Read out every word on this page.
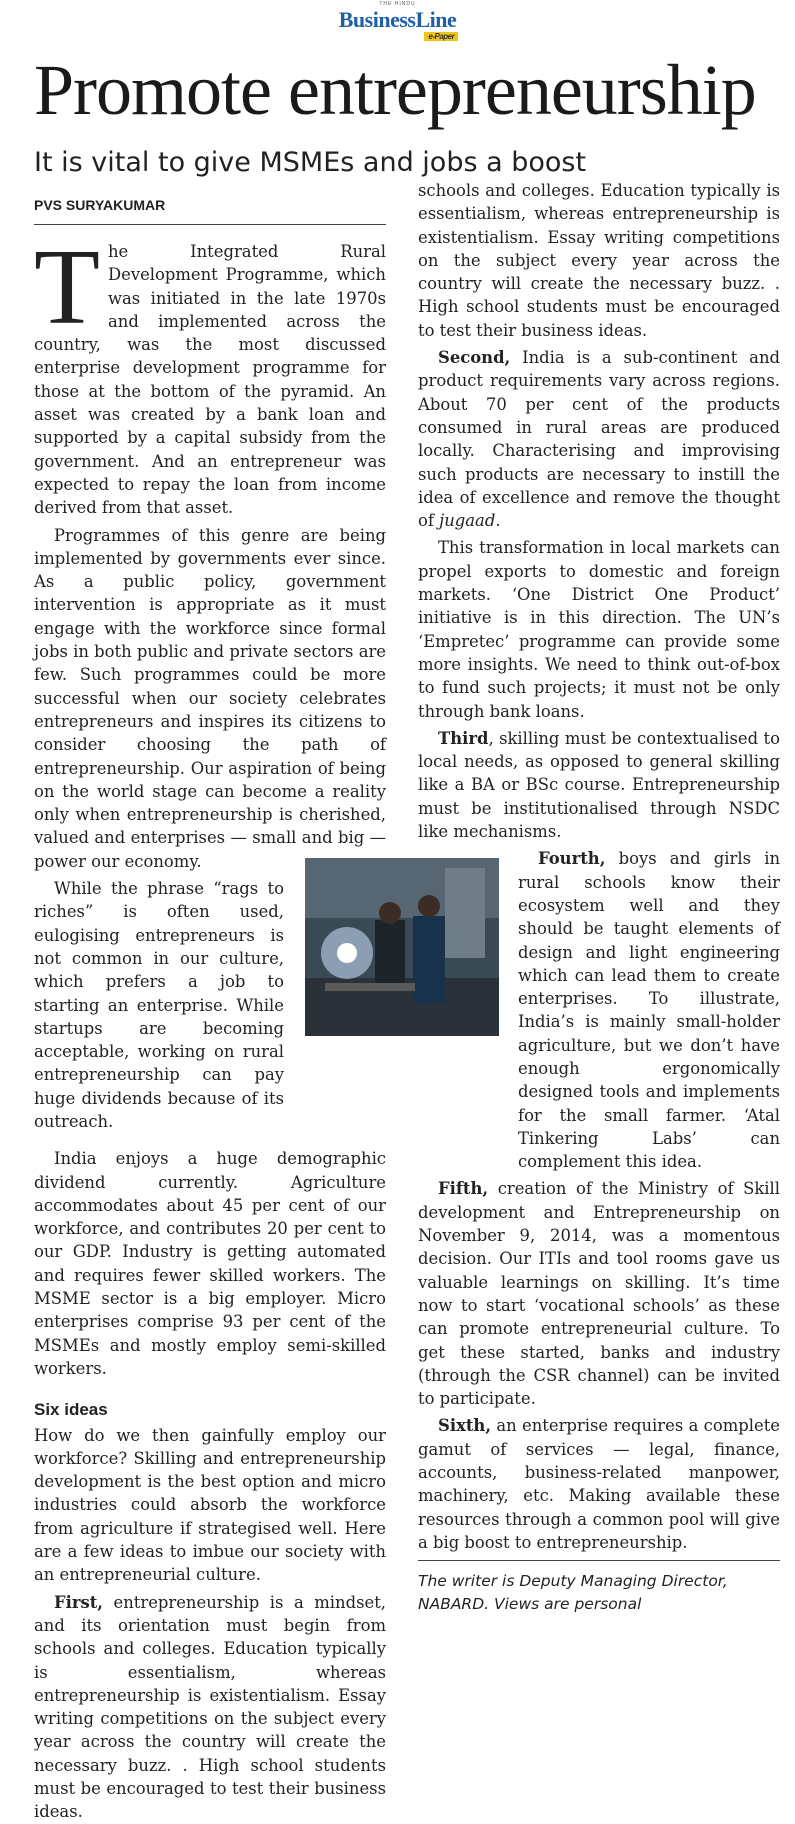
THE HINDU
BusinessLine
e-Paper
Promote entrepreneurship
It is vital to give MSMEs and jobs a boost
PVS SURYAKUMAR

The Integrated Rural Development Programme, which was initiated in the late 1970s and implemented across the country, was the most discussed enterprise development programme for those at the bottom of the pyramid. An asset was created by a bank loan and supported by a capital subsidy from the government. And an entrepreneur was expected to repay the loan from income derived from that asset.

Programmes of this genre are being implemented by governments ever since. As a public policy, government intervention is appropriate as it must engage with the workforce since formal jobs in both public and private sectors are few. Such programmes could be more successful when our society celebrates entrepreneurs and inspires its citizens to consider choosing the path of entrepreneurship. Our aspiration of being on the world stage can become a reality only when entrepreneurship is cherished, valued and enterprises — small and big — power our economy.

While the phrase “rags to riches” is often used, eulogising entrepreneurs is not common in our culture, which prefers a job to starting an enterprise. While startups are becoming acceptable, working on rural entrepreneurship can pay huge dividends because of its outreach.

India enjoys a huge demographic dividend currently. Agriculture accommodates about 45 per cent of our workforce, and contributes 20 per cent to our GDP. Industry is getting automated and requires fewer skilled workers. The MSME sector is a big employer. Micro enterprises comprise 93 per cent of the MSMEs and mostly employ semi-skilled workers.

Six ideas

How do we then gainfully employ our workforce? Skilling and entrepreneurship development is the best option and micro industries could absorb the workforce from agriculture if strategised well. Here are a few ideas to imbue our society with an entrepreneurial culture.

First, entrepreneurship is a mindset, and its orientation must begin from schools and colleges. Education typically is essentialism, whereas entrepreneurship is existentialism. Essay writing competitions on the subject every year across the country will create the necessary buzz. . High school students must be encouraged to test their business ideas.

schools and colleges. Education typically is essentialism, whereas entrepreneurship is existentialism. Essay writing competitions on the subject every year across the country will create the necessary buzz. . High school students must be encouraged to test their business ideas.

Second, India is a sub-continent and product requirements vary across regions. About 70 per cent of the products consumed in rural areas are produced locally. Characterising and improvising such products are necessary to instill the idea of excellence and remove the thought of jugaad.

This transformation in local markets can propel exports to domestic and foreign markets. ‘One District One Product’ initiative is in this direction. The UN’s ‘Empretec’ programme can provide some more insights. We need to think out-of-box to fund such projects; it must not be only through bank loans.

Third, skilling must be contextualised to local needs, as opposed to general skilling like a BA or BSc course. Entrepreneurship must be institutionalised through NSDC like mechanisms.

Fourth, boys and girls in rural schools know their ecosystem well and they should be taught elements of design and light engineering which can lead them to create enterprises. To illustrate, India’s is mainly small-holder agriculture, but we don’t have enough ergonomically designed tools and implements for the small farmer. ‘Atal Tinkering Labs’ can complement this idea.

Fifth, creation of the Ministry of Skill development and Entrepreneurship on November 9, 2014, was a momentous decision. Our ITIs and tool rooms gave us valuable learnings on skilling. It’s time now to start ‘vocational schools’ as these can promote entrepreneurial culture. To get these started, banks and industry (through the CSR channel) can be invited to participate.

Sixth, an enterprise requires a complete gamut of services — legal, finance, accounts, business-related manpower, machinery, etc. Making available these resources through a common pool will give a big boost to entrepreneurship.

The writer is Deputy Managing Director, NABARD. Views are personal
